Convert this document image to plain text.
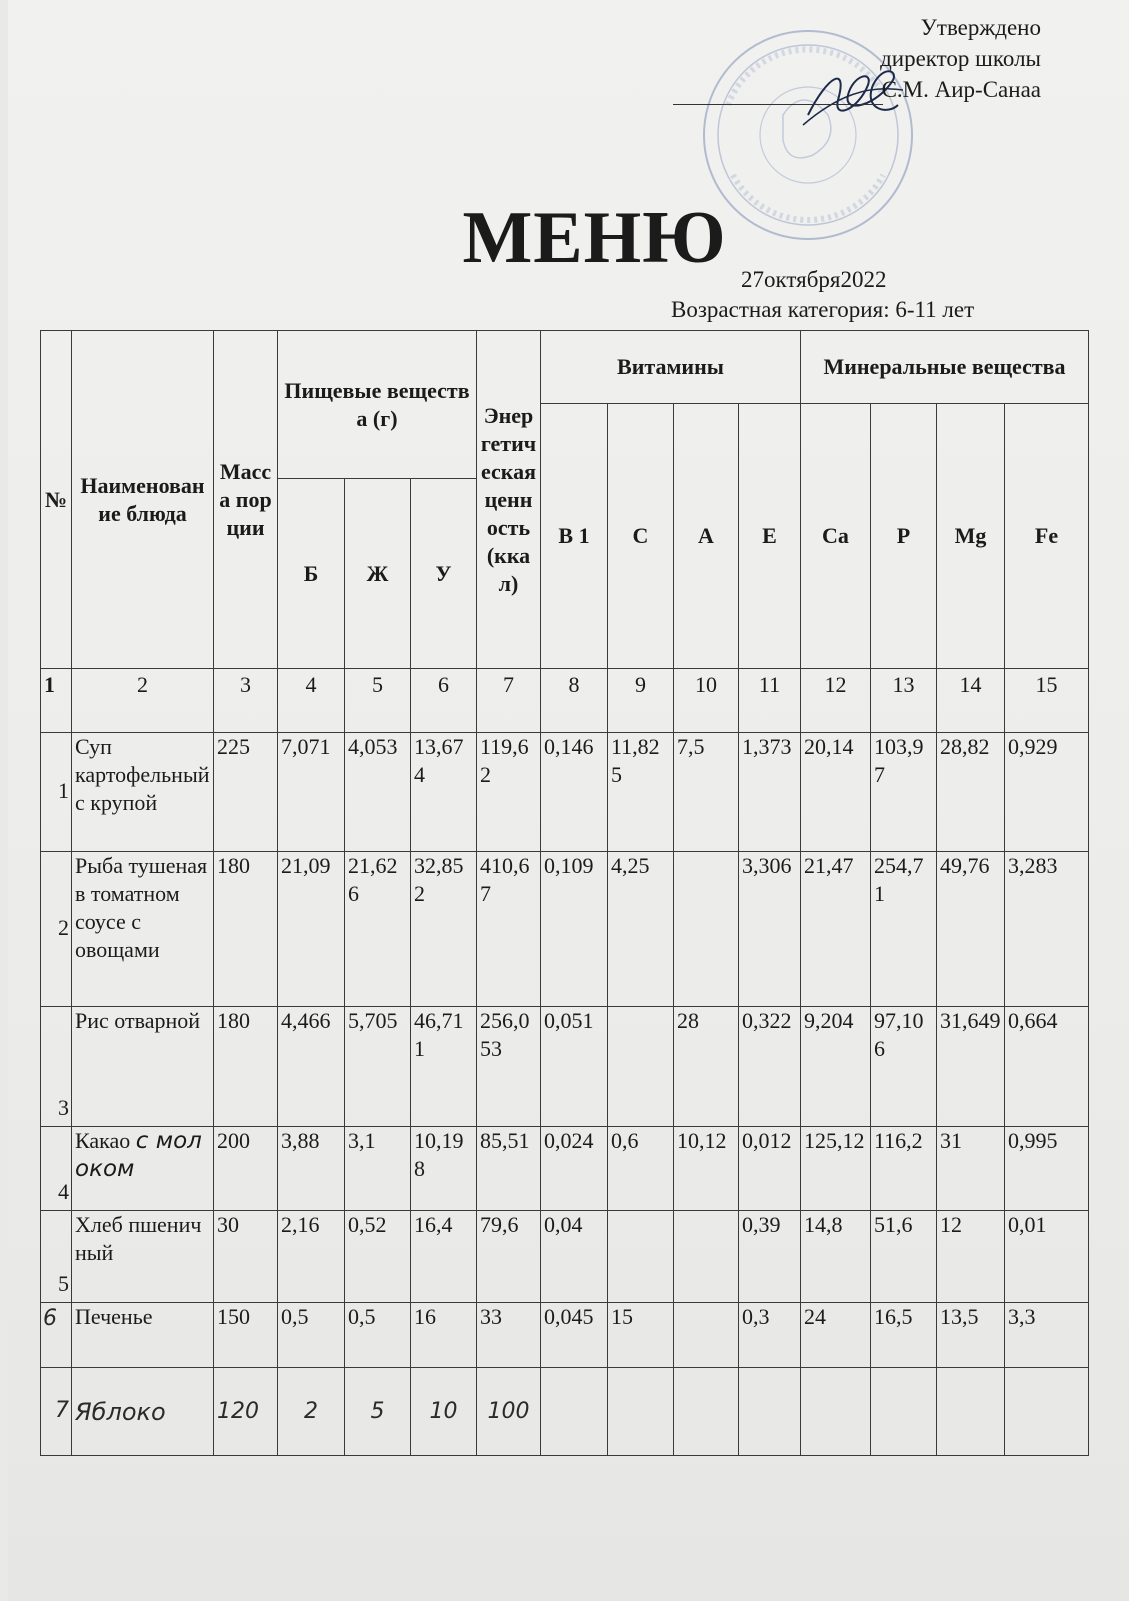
Утверждено
директор школы
С.М. Аир-Санаа
МЕНЮ
27октября2022
Возрастная категория: 6-11 лет
№	Наименование блюда	Масса порции	Пищевые вещества (г)			Энергетическая ценность (ккал)	Витамины				Минеральные вещества			
							В 1	С	А	Е	Ca	P	Mg	Fe
			Б	Ж	У									
1	2	3	4	5	6	7	8	9	10	11	12	13	14	15
1	Суп картофельный с крупой	225	7,071	4,053	13,674	119,62	0,146	11,825	7,5	1,373	20,14	103,97	28,82	0,929
2	Рыба тушеная в томатном соусе с овощами	180	21,09	21,626	32,852	410,67	0,109	4,25		3,306	21,47	254,71	49,76	3,283
3	Рис отварной	180	4,466	5,705	46,711	256,053	0,051		28	0,322	9,204	97,106	31,649	0,664
4	Какао с молоком	200	3,88	3,1	10,198	85,51	0,024	0,6	10,12	0,012	125,12	116,2	31	0,995
5	Хлеб пшеничный	30	2,16	0,52	16,4	79,6	0,04			0,39	14,8	51,6	12	0,01
6	Печенье	150	0,5	0,5	16	33	0,045	15		0,3	24	16,5	13,5	3,3
7	Яблоко	120	2	5	10	100								
